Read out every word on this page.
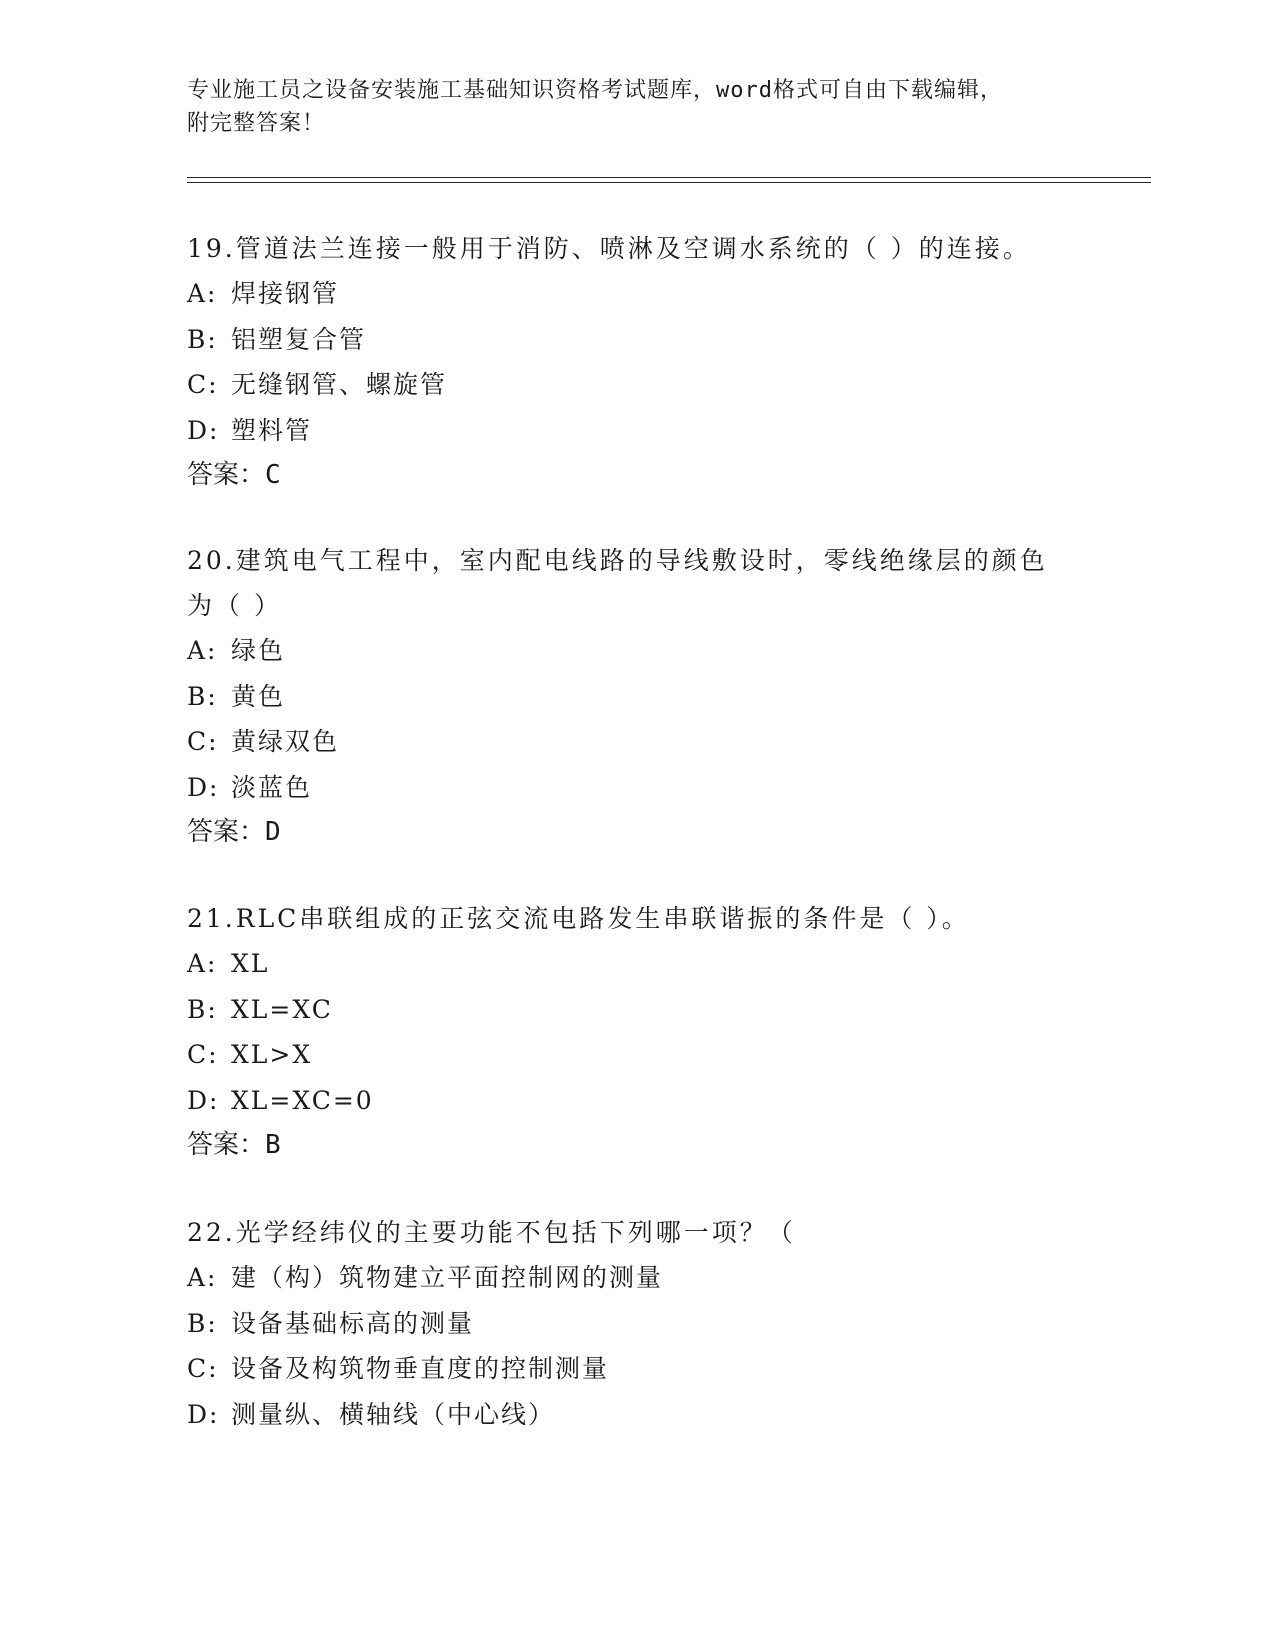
专业施工员之设备安装施工基础知识资格考试题库，word格式可自由下载编辑，
附完整答案！

19.管道法兰连接一般用于消防、喷淋及空调水系统的（ ）的连接。

A: 焊接钢管

B: 铝塑复合管

C: 无缝钢管、螺旋管

D: 塑料管

答案：C

20.建筑电气工程中，室内配电线路的导线敷设时，零线绝缘层的颜色为（ ）

A: 绿色

B: 黄色

C: 黄绿双色

D: 淡蓝色

答案：D

21.RLC串联组成的正弦交流电路发生串联谐振的条件是（ ）。

A: XL

B: XL=XC

C: XL>X

D: XL=XC=0

答案：B

22.光学经纬仪的主要功能不包括下列哪一项？（

A: 建（构）筑物建立平面控制网的测量

B: 设备基础标高的测量

C: 设备及构筑物垂直度的控制测量

D: 测量纵、横轴线（中心线）
